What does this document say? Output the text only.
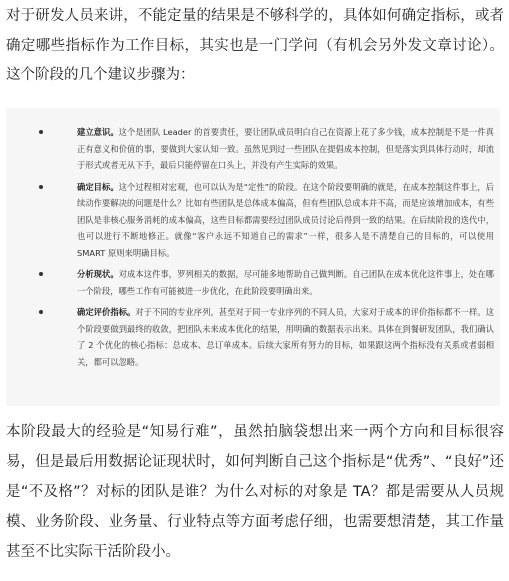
对于研发人员来讲，不能定量的结果是不够科学的，具体如何确定指标，或者确定哪些指标作为工作目标，其实也是一门学问（有机会另外发文章讨论）。这个阶段的几个建议步骤为：

建立意识。这个是团队 Leader 的首要责任，要让团队成员明白自己在资源上花了多少钱，成本控制是不是一件真正有意义和价值的事，要做到大家认知一致。虽然见到过一些团队在提倡成本控制，但是落实到具体行动时，却流于形式或者无从下手，最后只能停留在口头上，并没有产生实际的效果。
确定目标。这个过程相对宏观，也可以认为是“定性”的阶段。在这个阶段要明确的就是，在成本控制这件事上，后续动作要解决的问题是什么？比如有些团队是总体成本偏高，但有些团队总成本并不高，而是应该增加成本，有些团队是非核心服务消耗的成本偏高，这些目标都需要经过团队成员讨论后得到一致的结果。在后续阶段的迭代中，也可以进行不断地修正。就像“客户永远不知道自己的需求”一样，很多人是不清楚自己的目标的，可以使用 SMART 原则来明确目标。
分析现状。对成本这件事，罗列相关的数据，尽可能多地帮助自己做判断。自己团队在成本优化这件事上，处在哪一个阶段，哪些工作有可能被进一步优化，在此阶段要明确出来。
确定评价指标。对于不同的专业序列，甚至对于同一专业序列的不同人员，大家对于成本的评价指标都不一样。这个阶段要做到最终的收敛，把团队未来成本优化的结果，用明确的数据表示出来。具体在到餐研发团队，我们确认了 2 个优化的核心指标：总成本、总订单成本。后续大家所有努力的目标，如果跟这两个指标没有关系或者弱相关，都可以忽略。

本阶段最大的经验是“知易行难”，虽然拍脑袋想出来一两个方向和目标很容易，但是最后用数据论证现状时，如何判断自己这个指标是“优秀”、“良好”还是“不及格”？对标的团队是谁？为什么对标的对象是 TA？都是需要从人员规模、业务阶段、业务量、行业特点等方面考虑仔细，也需要想清楚，其工作量甚至不比实际干活阶段小。
